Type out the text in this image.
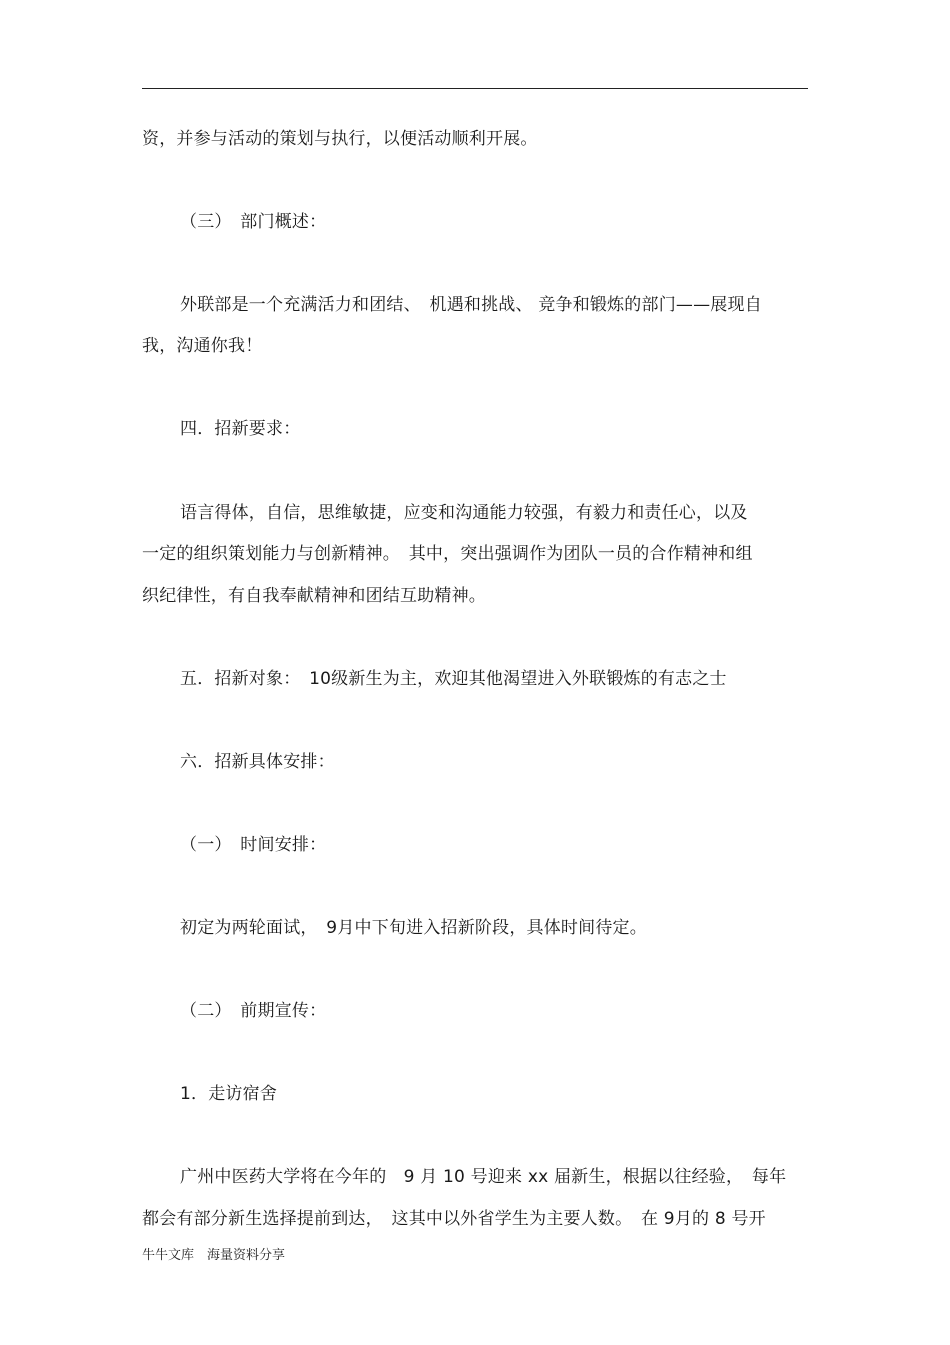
资，并参与活动的策划与执行，以便活动顺利开展。
（三）　部门概述：
外联部是一个充满活力和团结、　机遇和挑战、 竞争和锻炼的部门——展现自
我，沟通你我！
四．招新要求：
语言得体，自信，思维敏捷，应变和沟通能力较强，有毅力和责任心，以及
一定的组织策划能力与创新精神。　其中，突出强调作为团队一员的合作精神和组
织纪律性，有自我奉献精神和团结互助精神。
五．招新对象：　10级新生为主，欢迎其他渴望进入外联锻炼的有志之士
六．招新具体安排：
（一）　时间安排：
初定为两轮面试，　9月中下旬进入招新阶段，具体时间待定。
（二）　前期宣传：
1．走访宿舍
广州中医药大学将在今年的　9 月 10 号迎来 xx 届新生，根据以往经验，　每年
都会有部分新生选择提前到达，　这其中以外省学生为主要人数。　在 9月的 8 号开
牛牛文库　海量资料分享
